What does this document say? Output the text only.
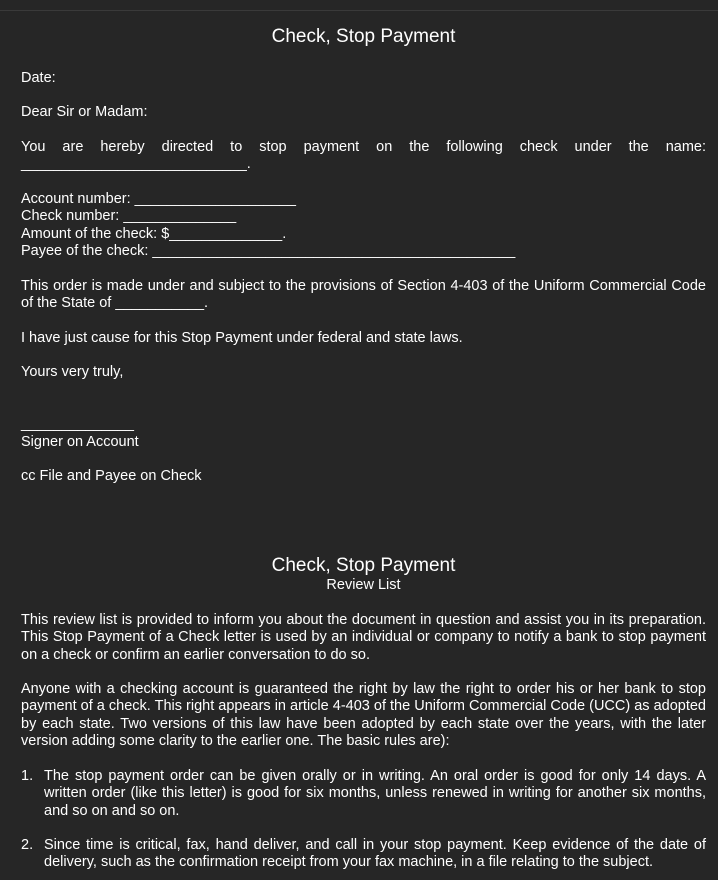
Check, Stop Payment
Date:
Dear Sir or Madam:
You are hereby directed to stop payment on the following check under the name:
____________________________.
Account number: ____________________
Check number: ______________
Amount of the check: $______________.
Payee of the check: _____________________________________________
This order is made under and subject to the provisions of Section 4-403 of the Uniform Commercial Code of the State of ___________.
I have just cause for this Stop Payment under federal and state laws.
Yours very truly,
______________
Signer on Account
cc File and Payee on Check
Check, Stop Payment
Review List
This review list is provided to inform you about the document in question and assist you in its preparation. This Stop Payment of a Check letter is used by an individual or company to notify a bank to stop payment on a check or confirm an earlier conversation to do so.
Anyone with a checking account is guaranteed the right by law the right to order his or her bank to stop payment of a check. This right appears in article 4-403 of the Uniform Commercial Code (UCC) as adopted by each state. Two versions of this law have been adopted by each state over the years, with the later version adding some clarity to the earlier one. The basic rules are):
1. The stop payment order can be given orally or in writing. An oral order is good for only 14 days. A written order (like this letter) is good for six months, unless renewed in writing for another six months, and so on and so on.
2. Since time is critical, fax, hand deliver, and call in your stop payment. Keep evidence of the date of delivery, such as the confirmation receipt from your fax machine, in a file relating to the subject.
